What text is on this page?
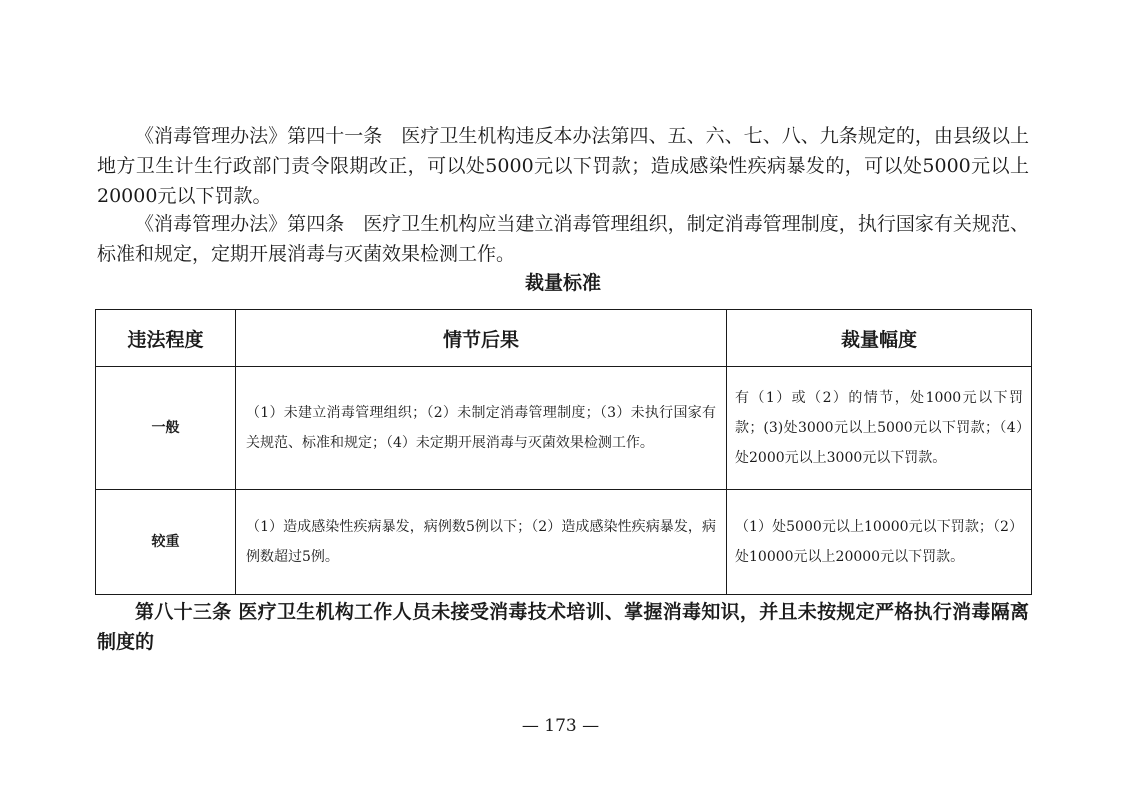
《消毒管理办法》第四十一条　医疗卫生机构违反本办法第四、五、六、七、八、九条规定的，由县级以上地方卫生计生行政部门责令限期改正，可以处5000元以下罚款；造成感染性疾病暴发的，可以处5000元以上20000元以下罚款。

《消毒管理办法》第四条　医疗卫生机构应当建立消毒管理组织，制定消毒管理制度，执行国家有关规范、标准和规定，定期开展消毒与灭菌效果检测工作。

裁量标准
违法程度	情节后果	裁量幅度
一般	（1）未建立消毒管理组织；（2）未制定消毒管理制度；（3）未执行国家有关规范、标准和规定；（4）未定期开展消毒与灭菌效果检测工作。	有（1）或（2）的情节，处1000元以下罚款；(3)处3000元以上5000元以下罚款；（4）处2000元以上3000元以下罚款。
较重	（1）造成感染性疾病暴发，病例数5例以下；（2）造成感染性疾病暴发，病例数超过5例。	（1）处5000元以上10000元以下罚款；（2）处10000元以上20000元以下罚款。

第八十三条 医疗卫生机构工作人员未接受消毒技术培训、掌握消毒知识，并且未按规定严格执行消毒隔离制度的

— 173 —
